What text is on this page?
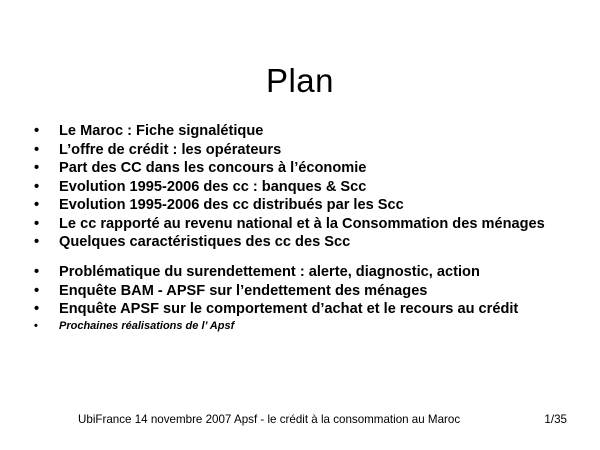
Plan
•	Le Maroc : Fiche signalétique
•	L’offre de crédit : les opérateurs
•	Part des CC dans les concours à l’économie
•	Evolution 1995-2006 des cc : banques & Scc
•	Evolution 1995-2006 des cc distribués par les Scc
•	Le cc rapporté au revenu national et à la Consommation des ménages
•	Quelques caractéristiques des cc des Scc
•	Problématique du surendettement : alerte, diagnostic, action
•	Enquête BAM - APSF sur l’endettement des ménages
•	Enquête APSF sur le comportement d’achat et le recours au crédit
•	Prochaines réalisations de l’ Apsf
UbiFrance 14 novembre 2007 Apsf - le crédit à la consommation au Maroc	1/35
